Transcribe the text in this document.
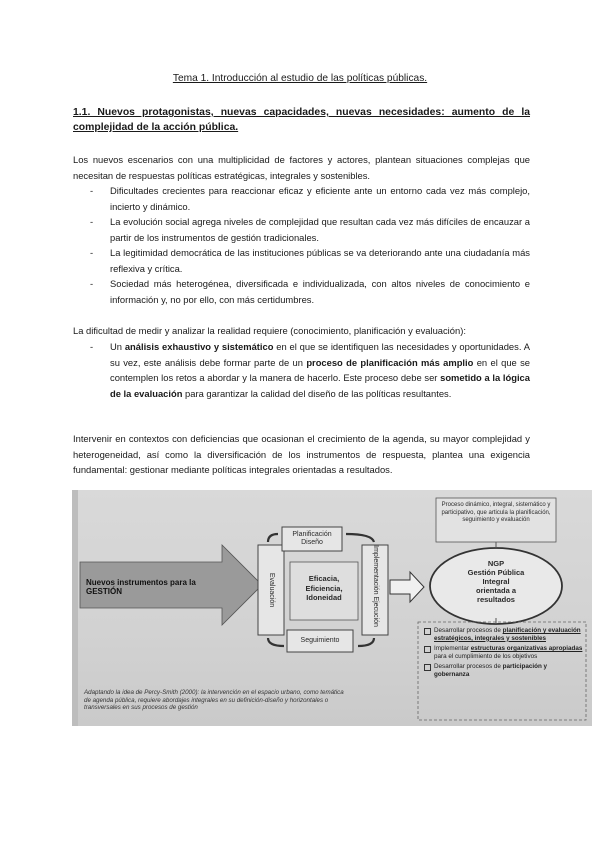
Tema 1. Introducción al estudio de las políticas públicas.
1.1. Nuevos protagonistas, nuevas capacidades, nuevas necesidades: aumento de la complejidad de la acción pública.
Los nuevos escenarios con una multiplicidad de factores y actores, plantean situaciones complejas que necesitan de respuestas políticas estratégicas, integrales y sostenibles.
- Dificultades crecientes para reaccionar eficaz y eficiente ante un entorno cada vez más complejo, incierto y dinámico.
- La evolución social agrega niveles de complejidad que resultan cada vez más difíciles de encauzar a partir de los instrumentos de gestión tradicionales.
- La legitimidad democrática de las instituciones públicas se va deteriorando ante una ciudadanía más reflexiva y crítica.
- Sociedad más heterogénea, diversificada e individualizada, con altos niveles de conocimiento e información y, no por ello, con más certidumbres.
La dificultad de medir y analizar la realidad requiere (conocimiento, planificación y evaluación):
- Un análisis exhaustivo y sistemático en el que se identifiquen las necesidades y oportunidades. A su vez, este análisis debe formar parte de un proceso de planificación más amplio en el que se contemplen los retos a abordar y la manera de hacerlo. Este proceso debe ser sometido a la lógica de la evaluación para garantizar la calidad del diseño de las políticas resultantes.
Intervenir en contextos con deficiencias que ocasionan el crecimiento de la agenda, su mayor complejidad y heterogeneidad, así como la diversificación de los instrumentos de respuesta, plantea una exigencia fundamental: gestionar mediante políticas integrales orientadas a resultados.
Nuevos instrumentos para la GESTIÓN
Planificación Diseño
Evaluación	Implementación Ejecución
Seguimiento
Eficacia,
Eficiencia,
Idoneidad
Proceso dinámico, integral, sistemático y participativo, que articula la planificación, seguimiento y evaluación
NGP
Gestión Pública
Integral
orientada a
resultados
Desarrollar procesos de planificación y evaluación estratégicos, integrales y sostenibles
Implementar estructuras organizativas apropiadas para el cumplimiento de los objetivos
Desarrollar procesos de participación y gobernanza
Adaptando la idea de Percy-Smith (2000): la intervención en el espacio urbano, como temática de agenda pública, requiere abordajes integrales en su definición-diseño y horizontales o transversales en sus procesos de gestión
